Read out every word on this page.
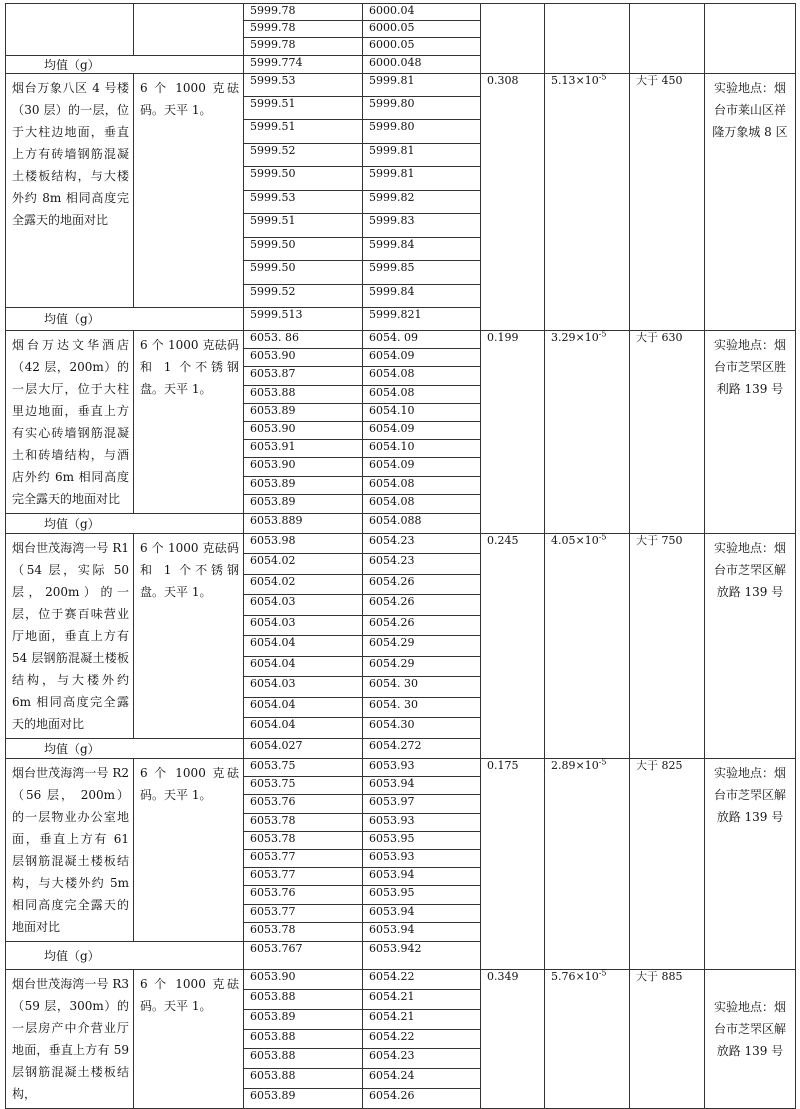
		5999.78	6000.04				
		5999.78	6000.05				
		5999.78	6000.05				
均值（g）		5999.774	6000.048				
烟台万象八区 4 号楼（30 层）的一层，位于大柱边地面，垂直上方有砖墙钢筋混凝土楼板结构，与大楼外约 8m 相同高度完全露天的地面对比	6 个 1000 克砝码。天平 1。	5999.53	5999.81	0.308	$5.13\times 10^{-5}$	大于 450	实验地点：烟台市莱山区祥隆万象城 8 区
		5999.51	5999.80				
		5999.51	5999.80				
		5999.52	5999.81				
		5999.50	5999.81				
		5999.53	5999.82				
		5999.51	5999.83				
		5999.50	5999.84				
		5999.50	5999.85				
		5999.52	5999.84				
均值（g）		5999.513	5999.821				
烟台万达文华酒店（42 层，200m）的一层大厅，位于大柱里边地面，垂直上方有实心砖墙钢筋混凝土和砖墙结构，与酒店外约 6m 相同高度完全露天的地面对比	6 个 1000 克砝码和 1 个不锈钢盘。天平 1。	6053. 86	6054. 09	0.199	$3.29\times 10^{-5}$	大于 630	实验地点：烟台市芝罘区胜利路 139 号
		6053.90	6054.09				
		6053.87	6054.08				
		6053.88	6054.08				
		6053.89	6054.10				
		6053.90	6054.09				
		6053.91	6054.10				
		6053.90	6054.09				
		6053.89	6054.08				
		6053.89	6054.08				
均值（g）		6053.889	6054.088				
烟台世茂海湾一号 R1（54 层，实际 50 层，200m）的一层，位于赛百味营业厅地面，垂直上方有 54 层钢筋混凝土楼板结构，与大楼外约 6m 相同高度完全露天的地面对比	6 个 1000 克砝码和 1 个不锈钢盘。天平 1。	6053.98	6054.23	0.245	$4.05\times 10^{-5}$	大于 750	实验地点：烟台市芝罘区解放路 139 号
		6054.02	6054.23				
		6054.02	6054.26				
		6054.03	6054.26				
		6054.03	6054.26				
		6054.04	6054.29				
		6054.04	6054.29				
		6054.03	6054. 30				
		6054.04	6054. 30				
		6054.04	6054.30				
均值（g）		6054.027	6054.272				
烟台世茂海湾一号 R2（56 层， 200m）的一层物业办公室地面，垂直上方有 61 层钢筋混凝土楼板结构，与大楼外约 5m 相同高度完全露天的地面对比	6 个 1000 克砝码。天平 1。	6053.75	6053.93	0.175	$2.89\times 10^{-5}$	大于 825	实验地点：烟台市芝罘区解放路 139 号
		6053.75	6053.94				
		6053.76	6053.97				
		6053.78	6053.93				
		6053.78	6053.95				
		6053.77	6053.93				
		6053.77	6053.94				
		6053.76	6053.95				
		6053.77	6053.94				
		6053.78	6053.94				
均值（g）		6053.767	6053.942				
烟台世茂海湾一号 R3（59 层，300m）的一层房产中介营业厅地面，垂直上方有 59 层钢筋混凝土楼板结构，	6 个 1000 克砝码。天平 1。	6053.90	6054.22	0.349	$5.76\times 10^{-5}$	大于 885	实验地点：烟台市芝罘区解放路 139 号
		6053.88	6054.21				
		6053.89	6054.21				
		6053.88	6054.22				
		6053.88	6054.23				
		6053.88	6054.24				
		6053.89	6054.26				
